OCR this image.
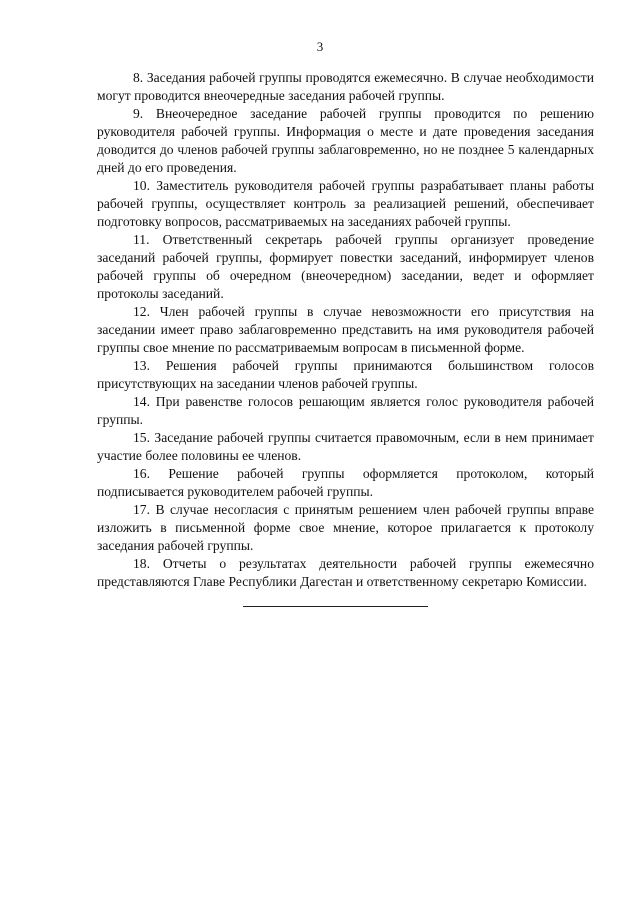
3

8. Заседания рабочей группы проводятся ежемесячно. В случае необходимости могут проводится внеочередные заседания рабочей группы.

9. Внеочередное заседание рабочей группы проводится по решению руководителя рабочей группы. Информация о месте и дате проведения заседания доводится до членов рабочей группы заблаговременно, но не позднее 5 календарных дней до его проведения.

10. Заместитель руководителя рабочей группы разрабатывает планы работы рабочей группы, осуществляет контроль за реализацией решений, обеспечивает подготовку вопросов, рассматриваемых на заседаниях рабочей группы.

11. Ответственный секретарь рабочей группы организует проведение заседаний рабочей группы, формирует повестки заседаний, информирует членов рабочей группы об очередном (внеочередном) заседании, ведет и оформляет протоколы заседаний.

12. Член рабочей группы в случае невозможности его присутствия на заседании имеет право заблаговременно представить на имя руководителя рабочей группы свое мнение по рассматриваемым вопросам в письменной форме.

13. Решения рабочей группы принимаются большинством голосов присутствующих на заседании членов рабочей группы.

14. При равенстве голосов решающим является голос руководителя рабочей группы.

15. Заседание рабочей группы считается правомочным, если в нем принимает участие более половины ее членов.

16. Решение рабочей группы оформляется протоколом, который подписывается руководителем рабочей группы.

17. В случае несогласия с принятым решением член рабочей группы вправе изложить в письменной форме свое мнение, которое прилагается к протоколу заседания рабочей группы.

18. Отчеты о результатах деятельности рабочей группы ежемесячно представляются Главе Республики Дагестан и ответственному секретарю Комиссии.
